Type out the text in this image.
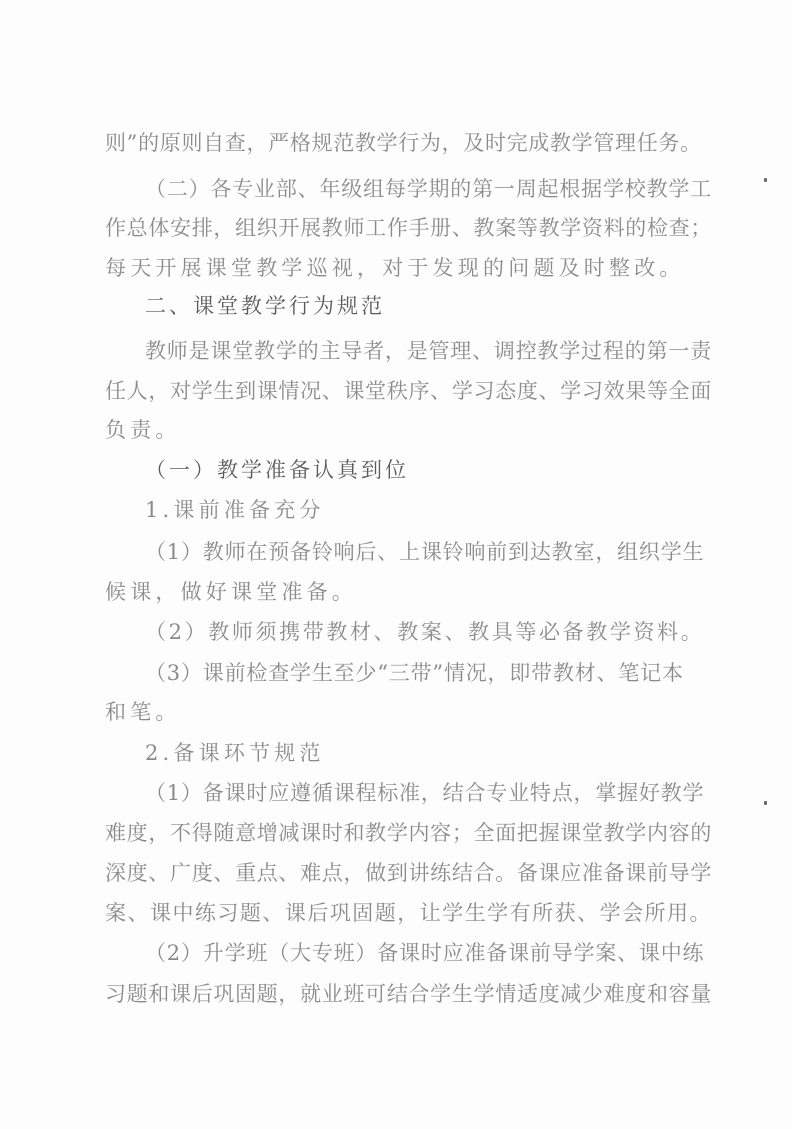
则”的原则自查，严格规范教学行为，及时完成教学管理任务。
（二）各专业部、年级组每学期的第一周起根据学校教学工
作总体安排，组织开展教师工作手册、教案等教学资料的检查；
每天开展课堂教学巡视，对于发现的问题及时整改。
二、课堂教学行为规范
教师是课堂教学的主导者，是管理、调控教学过程的第一责
任人，对学生到课情况、课堂秩序、学习态度、学习效果等全面
负责。
（一）教学准备认真到位
1.课前准备充分
（1）教师在预备铃响后、上课铃响前到达教室，组织学生
候课，做好课堂准备。
（2）教师须携带教材、教案、教具等必备教学资料。
（3）课前检查学生至少“三带”情况，即带教材、笔记本
和笔。
2.备课环节规范
（1）备课时应遵循课程标准，结合专业特点，掌握好教学
难度，不得随意增减课时和教学内容；全面把握课堂教学内容的
深度、广度、重点、难点，做到讲练结合。备课应准备课前导学
案、课中练习题、课后巩固题，让学生学有所获、学会所用。
（2）升学班（大专班）备课时应准备课前导学案、课中练
习题和课后巩固题，就业班可结合学生学情适度减少难度和容量
